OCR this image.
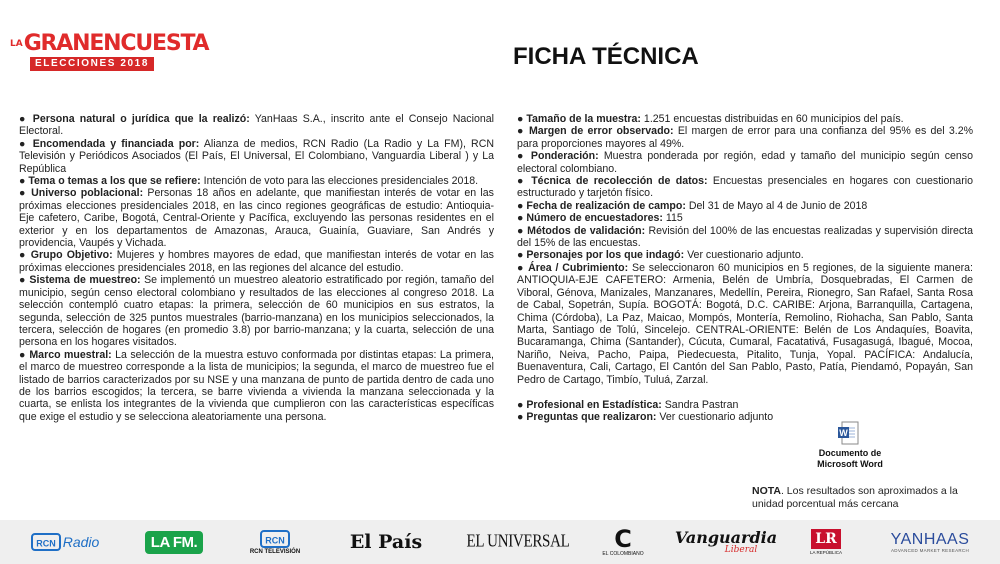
$^{LA}$GRANENCUESTA
ELECCIONES 2018	FICHA TÉCNICA

● Persona natural o jurídica que la realizó: YanHaas S.A., inscrito ante el Consejo Nacional Electoral.

● Encomendada y financiada por: Alianza de medios, RCN Radio (La Radio y La FM), RCN Televisión y Periódicos Asociados (El País, El Universal, El Colombiano, Vanguardia Liberal ) y La República

● Tema o temas a los que se refiere: Intención de voto para las elecciones presidenciales 2018.

● Universo poblacional: Personas 18 años en adelante, que manifiestan interés de votar en las próximas elecciones presidenciales 2018, en las cinco regiones geográficas de estudio: Antioquia-Eje cafetero, Caribe, Bogotá, Central-Oriente y Pacífica, excluyendo las personas residentes en el exterior y en los departamentos de Amazonas, Arauca, Guainía, Guaviare, San Andrés y providencia, Vaupés y Vichada.

● Grupo Objetivo: Mujeres y hombres mayores de edad, que manifiestan interés de votar en las próximas elecciones presidenciales 2018, en las regiones del alcance del estudio.

● Sistema de muestreo: Se implementó un muestreo aleatorio estratificado por región, tamaño del municipio, según censo electoral colombiano y resultados de las elecciones al congreso 2018. La selección contempló cuatro etapas: la primera, selección de 60 municipios en sus estratos, la segunda, selección de 325 puntos muestrales (barrio-manzana) en los municipios seleccionados, la tercera, selección de hogares (en promedio 3.8) por barrio-manzana; y la cuarta, selección de una persona en los hogares visitados.

● Marco muestral: La selección de la muestra estuvo conformada por distintas etapas: La primera, el marco de muestreo corresponde a la lista de municipios; la segunda, el marco de muestreo fue el listado de barrios caracterizados por su NSE y una manzana de punto de partida dentro de cada uno de los barrios escogidos; la tercera, se barre vivienda a vivienda la manzana seleccionada y la cuarta, se enlista los integrantes de la vivienda que cumplieron con las características específicas que exige el estudio y se selecciona aleatoriamente una persona.

● Tamaño de la muestra: 1.251 encuestas distribuidas en 60 municipios del país.

● Margen de error observado: El margen de error para una confianza del 95% es del 3.2% para proporciones mayores al 49%.

● Ponderación: Muestra ponderada por región, edad y tamaño del municipio según censo electoral colombiano.

● Técnica de recolección de datos: Encuestas presenciales en hogares con cuestionario estructurado y tarjetón físico.

● Fecha de realización de campo: Del 31 de Mayo al 4 de Junio de 2018

● Número de encuestadores: 115

● Métodos de validación: Revisión del 100% de las encuestas realizadas y supervisión directa del 15% de las encuestas.

● Personajes por los que indagó: Ver cuestionario adjunto.

● Área / Cubrimiento: Se seleccionaron 60 municipios en 5 regiones, de la siguiente manera: ANTIOQUIA-EJE CAFETERO: Armenia, Belén de Umbría, Dosquebradas, El Carmen de Viboral, Génova, Manizales, Manzanares, Medellín, Pereira, Rionegro, San Rafael, Santa Rosa de Cabal, Sopetrán, Supía. BOGOTÁ: Bogotá, D.C. CARIBE: Arjona, Barranquilla, Cartagena, Chima (Córdoba), La Paz, Maicao, Mompós, Montería, Remolino, Riohacha, San Pablo, Santa Marta, Santiago de Tolú, Sincelejo. CENTRAL-ORIENTE: Belén de Los Andaquíes, Boavita, Bucaramanga, Chima (Santander), Cúcuta, Cumaral, Facatativá, Fusagasugá, Ibagué, Mocoa, Nariño, Neiva, Pacho, Paipa, Piedecuesta, Pitalito, Tunja, Yopal. PACÍFICA: Andalucía, Buenaventura, Cali, Cartago, El Cantón del San Pablo, Pasto, Patía, Piendamó, Popayán, San Pedro de Cartago, Timbío, Tuluá, Zarzal.

● Profesional en Estadística: Sandra Pastran

● Preguntas que realizaron: Ver cuestionario adjunto

W
Documento de Microsoft Word
NOTA. Los resultados son aproximados a la unidad porcentual más cercana
RCN Radio	LA FM.	RCN
RCN TELEVISIÓN	El País	EL UNIVERSAL C
EL COLOMBIANO
Vanguardia
Liberal
LR
LA REPÚBLICA
YANHAAS
ADVANCED MARKET RESEARCH
